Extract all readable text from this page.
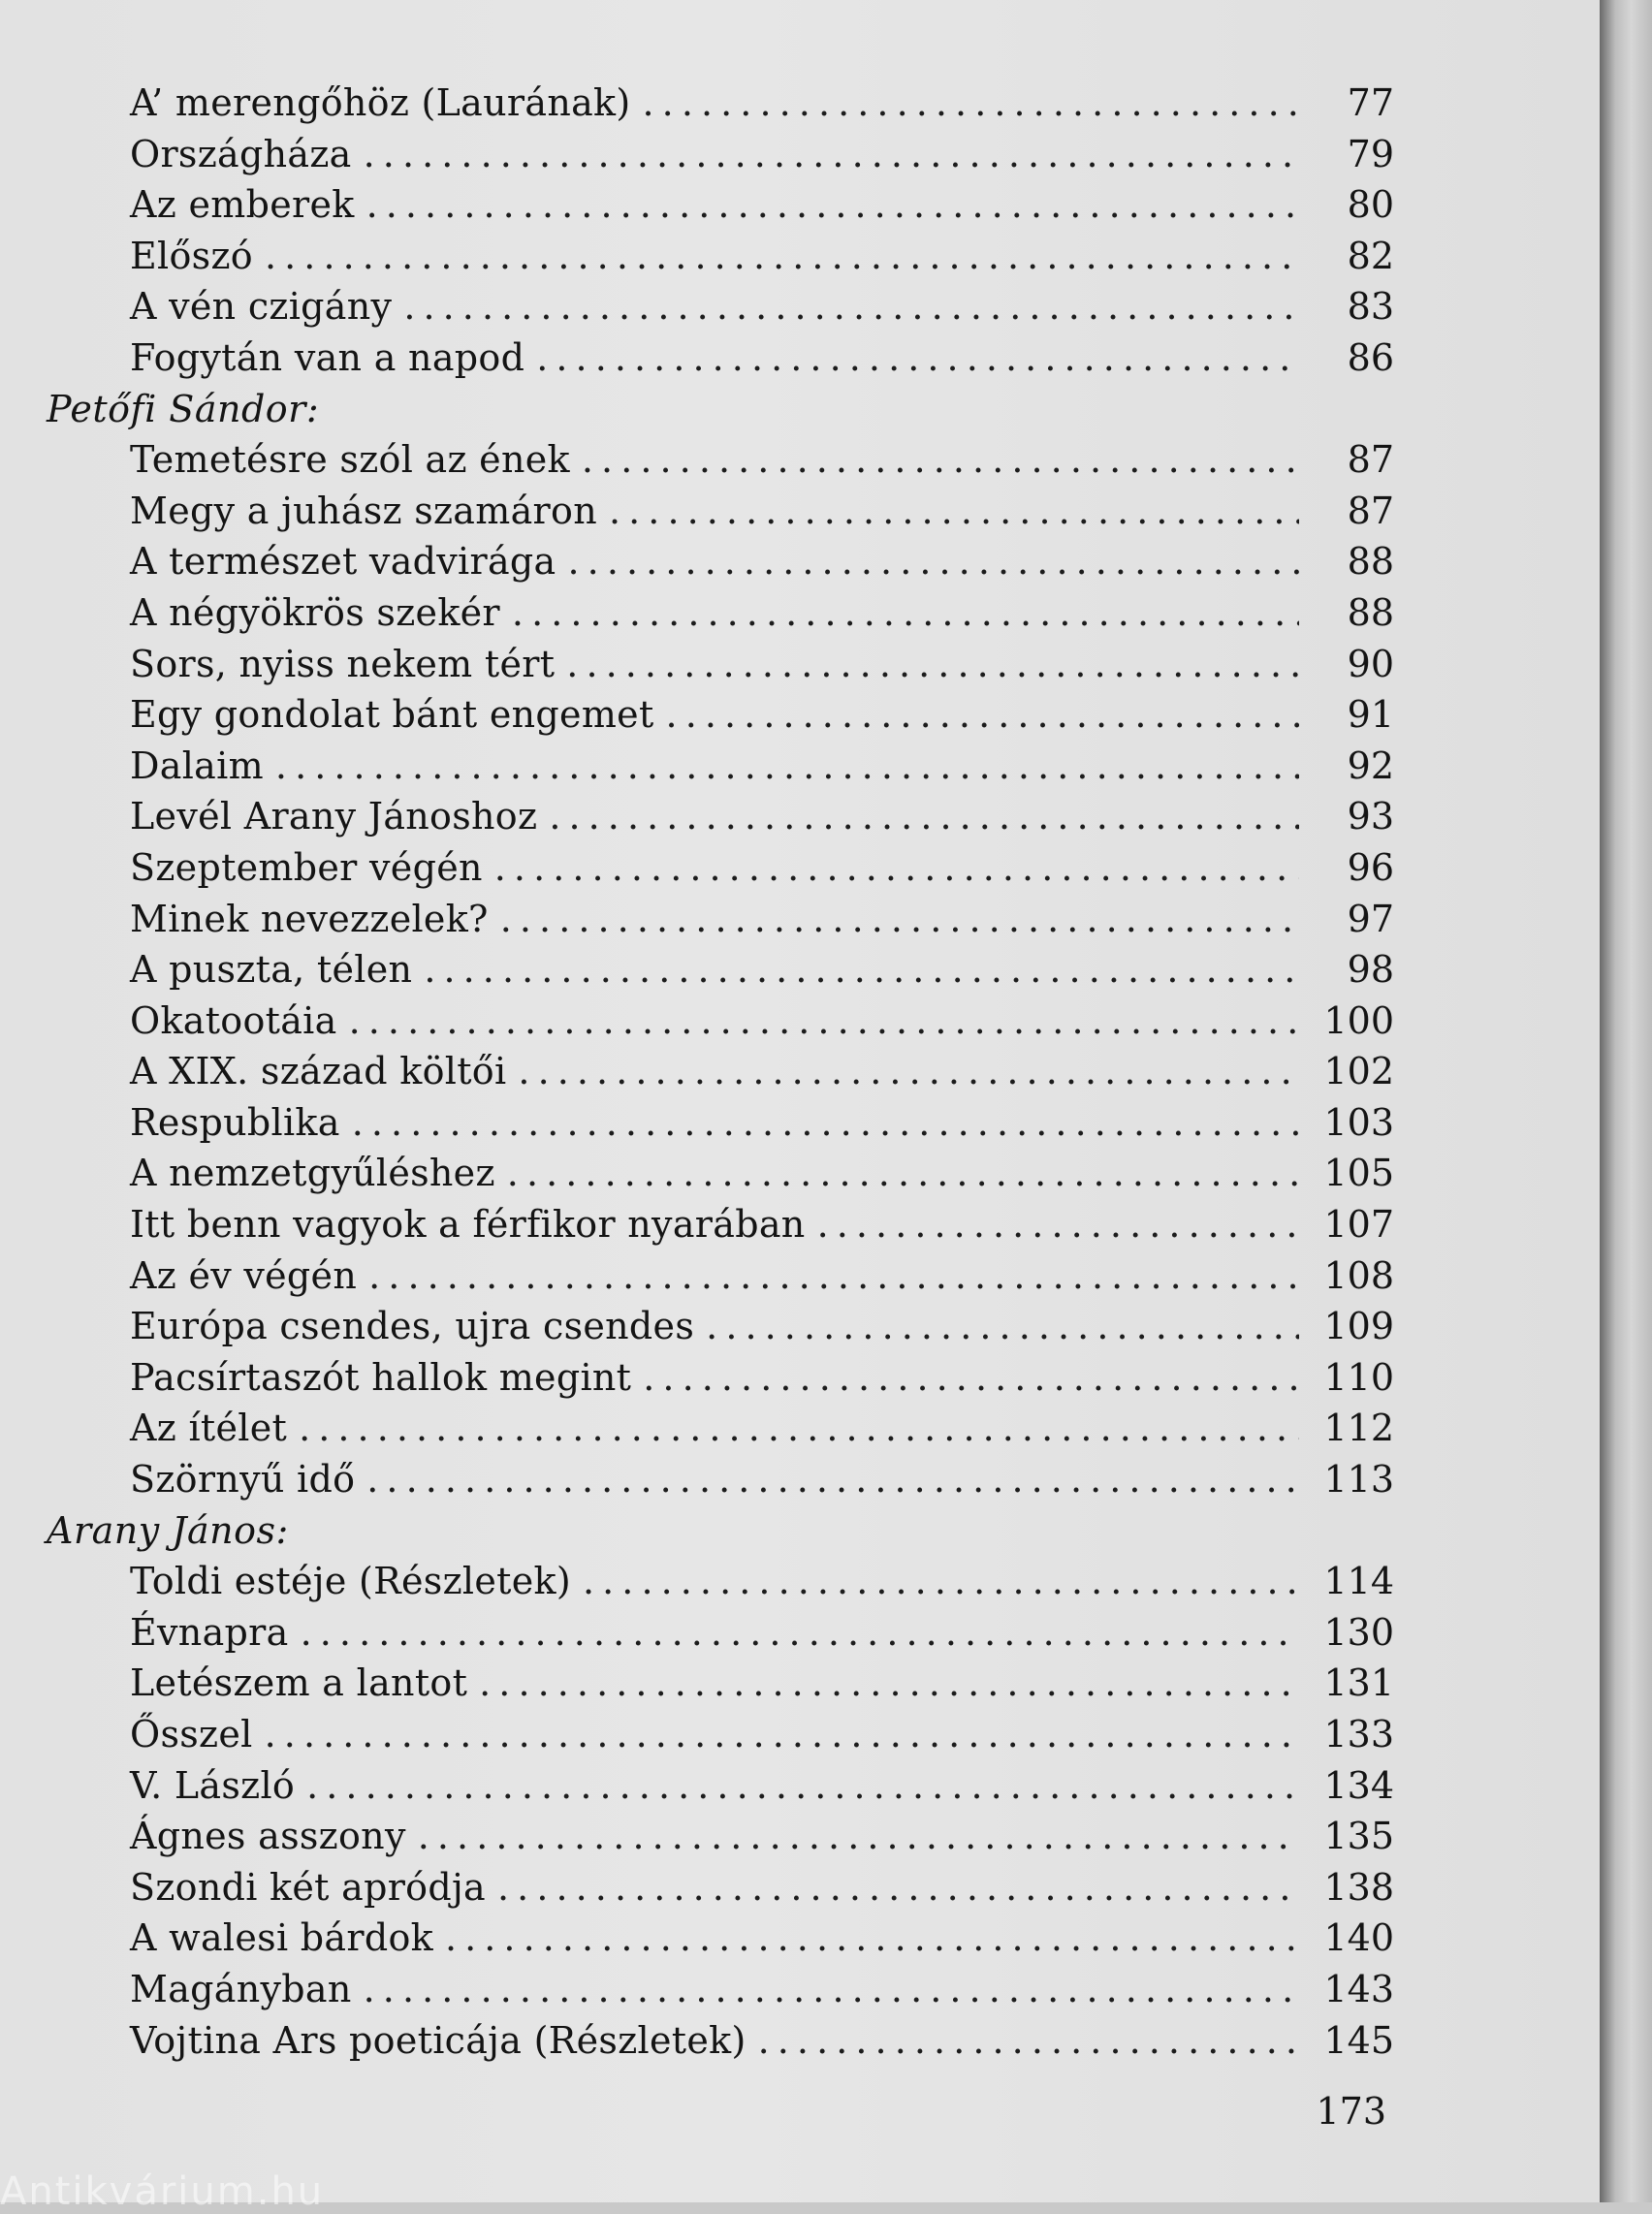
A’ merengőhöz (Laurának) . . .	77
Országháza . . .	79
Az emberek . . .	80
Előszó . . .	82
A vén czigány . . .	83
Fogytán van a napod . . .	86
Petőfi Sándor:
Temetésre szól az ének . . .	87
Megy a juhász szamáron . . .	87
A természet vadvirága . . .	88
A négyökrös szekér . . .	88
Sors, nyiss nekem tért . . .	90
Egy gondolat bánt engemet . . .	91
Dalaim . . .	92
Levél Arany Jánoshoz . . .	93
Szeptember végén . . .	96
Minek nevezzelek? . . .	97
A puszta, télen . . .	98
Okatootáia . . .	100
A XIX. század költői . . .	102
Respublika . . .	103
A nemzetgyűléshez . . .	105
Itt benn vagyok a férfikor nyarában . . .	107
Az év végén . . .	108
Európa csendes, ujra csendes . . .	109
Pacsírtaszót hallok megint . . .	110
Az ítélet . . .	112
Szörnyű idő . . .	113
Arany János:
Toldi estéje (Részletek) . . .	114
Évnapra . . .	130
Letészem a lantot . . .	131
Ősszel . . .	133
V. László . . .	134
Ágnes asszony . . .	135
Szondi két apródja . . .	138
A walesi bárdok . . .	140
Magányban . . .	143
Vojtina Ars poeticája (Részletek) . . .	145
173
Antikvárium.hu
